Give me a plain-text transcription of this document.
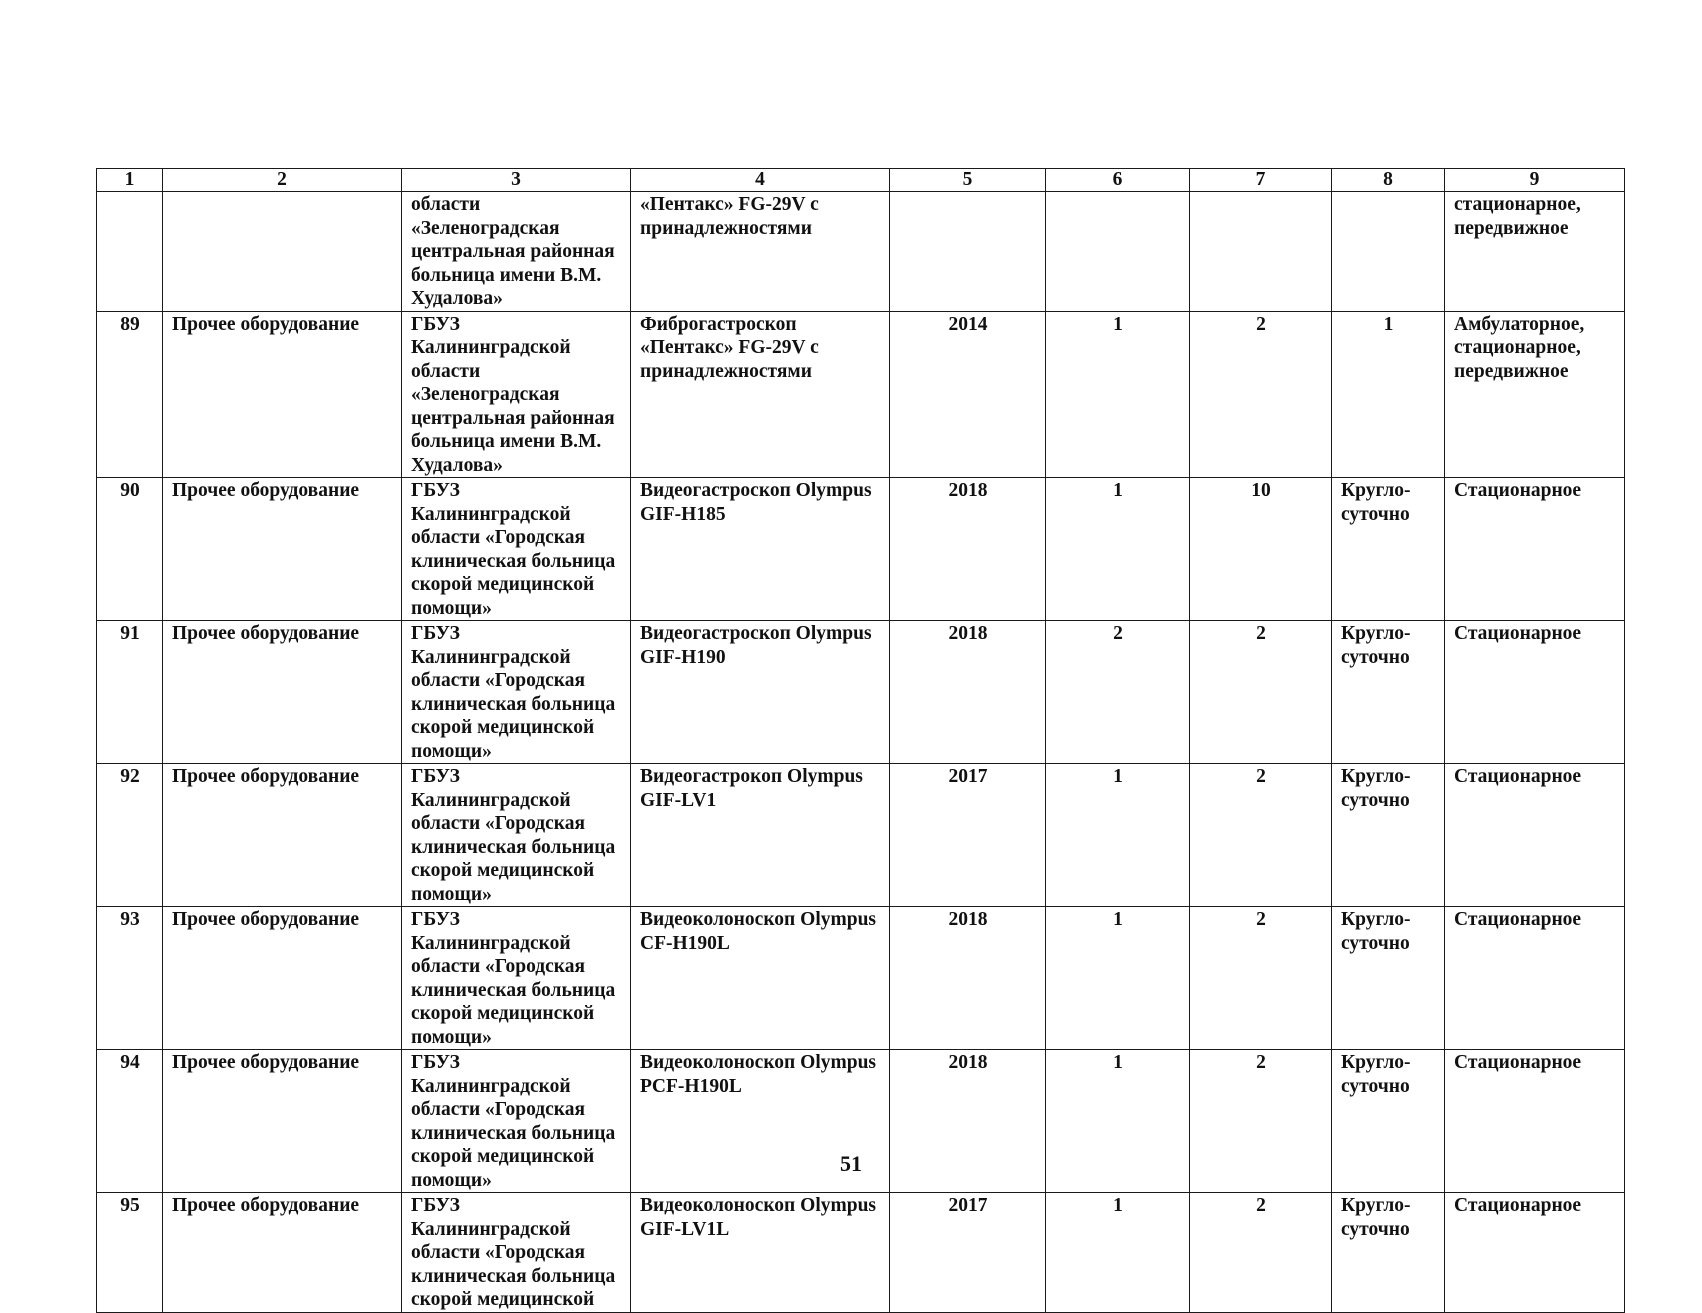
1	2	3	4	5	6	7	8	9
		области «Зеленоградская центральная районная больница имени В.М. Худалова»	«Пентакс» FG-29V с принадлежностями					стационарное, передвижное
89	Прочее оборудование	ГБУЗ Калининградской области «Зеленоградская центральная районная больница имени В.М. Худалова»	Фиброгастроскоп «Пентакс» FG-29V с принадлежностями	2014	1	2	1	Амбулаторное, стационарное, передвижное
90	Прочее оборудование	ГБУЗ Калининградской области «Городская клиническая больница скорой медицинской помощи»	Видеогастроскоп Olympus GIF-H185	2018	1	10	Кругло-суточно	Стационарное
91	Прочее оборудование	ГБУЗ Калининградской области «Городская клиническая больница скорой медицинской помощи»	Видеогастроскоп Olympus GIF-H190	2018	2	2	Кругло-суточно	Стационарное
92	Прочее оборудование	ГБУЗ Калининградской области «Городская клиническая больница скорой медицинской помощи»	Видеогастрокоп Olympus GIF-LV1	2017	1	2	Кругло-суточно	Стационарное
93	Прочее оборудование	ГБУЗ Калининградской области «Городская клиническая больница скорой медицинской помощи»	Видеоколоноскоп Olympus CF-H190L	2018	1	2	Кругло-суточно	Стационарное
94	Прочее оборудование	ГБУЗ Калининградской области «Городская клиническая больница скорой медицинской помощи»	Видеоколоноскоп Olympus PCF-H190L	2018	1	2	Кругло-суточно	Стационарное
95	Прочее оборудование	ГБУЗ Калининградской области «Городская клиническая больница скорой медицинской	Видеоколоноскоп Olympus GIF-LV1L	2017	1	2	Кругло-суточно	Стационарное
51
